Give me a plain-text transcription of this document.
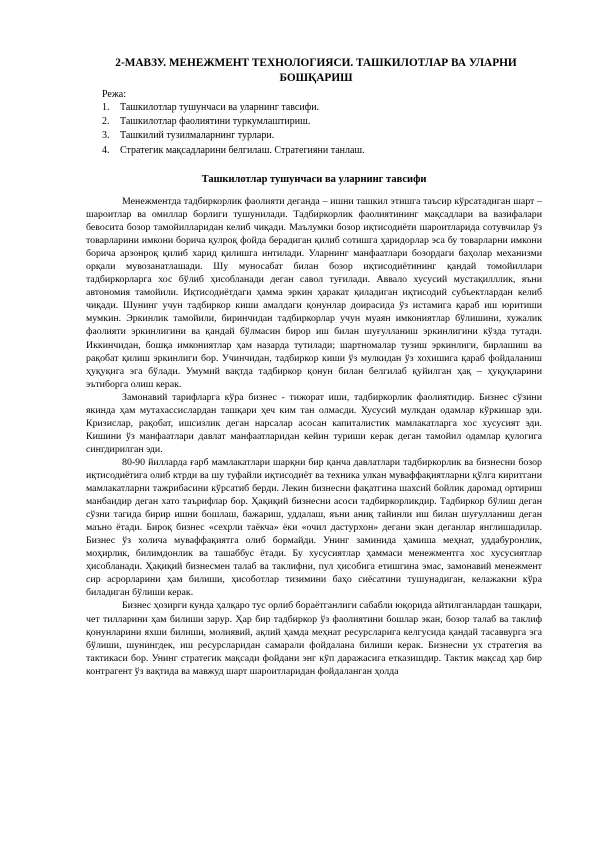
2-МАВЗУ. МЕНЕЖМЕНТ ТЕХНОЛОГИЯСИ. ТАШКИЛОТЛАР ВА УЛАРНИ БОШҚАРИШ
Режа:
1. Ташкилотлар тушунчаси ва уларнинг тавсифи.
2. Ташкилотлар фаолиятини туркумлаштириш.
3. Ташкилий тузилмаларнинг турлари.
4. Стратегик мақсадларини белгилаш. Стратегияни танлаш.
Ташкилотлар тушунчаси ва уларнинг тавсифи

Менежментда тадбиркорлик фаолияти деганда – ишни ташкил этишга таъсир кўрсатадиган шарт – шароитлар ва омиллар борлиги тушунилади. Тадбиркорлик фаолиятининг мақсадлари ва вазифалари бевосита бозор тамойилларидан келиб чиқади. Маълумки бозор иқтисодиёти шароитларида сотувчилар ўз товарларини имкони борича қулроқ фойда берадиган қилиб сотишга ҳаридорлар эса бу товарларни имкони борича арзонроқ қилиб харид қилишга интилади. Уларнинг манфаатлари бозордаги баҳолар механизми орқали мувозанатлашади. Шу муносабат билан бозор иқтисодиётининг қандай томойиллари тадбиркорларга хос бўлиб ҳисобланади деган савол туғилади. Аввало хусусий мустақилллик, яъни автономия тамойили. Иқтисодиётдаги ҳамма эркин ҳаракат қиладиган иқтисодий субъектлардан келиб чиқади. Шунинг учун тадбиркор киши амалдаги қонунлар доирасида ўз истамига қараб иш юритиши мумкин. Эркинлик тамойили, биринчидан тадбиркорлар учун муаян имкониятлар бўлишини, хужалик фаолияти эркинлигини ва қандай бўлмасин бирор иш билан шуғулланиш эркинлигини кўзда тутади. Иккинчидан, бошқа имкониятлар ҳам назарда тутилади; шартномалар тузиш эркинлиги, бирлашиш ва рақобат қилиш эркинлиги бор. Учинчидан, тадбиркор киши ўз мулкидан ўз хохишига қараб фойдаланиш ҳуқуқига эга бўлади. Умумий вақтда тадбиркор қонун билан белгилаб қуйилган ҳақ – ҳуқуқларини эътиборга олиш керак.

Замонавий тарифларга кўра бизнес - тижорат иши, тадбиркорлик фаолиятидир. Бизнес сўзини якинда ҳам мутахассислардан ташқари ҳеч ким тан олмасди. Хусусий мулкдан одамлар кўркишар эди. Кризислар, рақобат, ишсизлик деган нарсалар асосан капиталистик мамлакатларга хос хусусият эди. Кишини ўз манфаатлари давлат манфаатларидан кейин туриши керак деган тамойил одамлар қулогига сингдирилган эди.

80-90 йилларда ғарб мамлакатлари шарқни бир қанча давлатлари тадбиркорлик ва бизнесни бозор иқтисодиётига олиб ктрди ва шу туфайли иқтисодиёт ва техника улкан муваффақиятларни қўлга киритгани мамлакатларни тажрибасини кўрсатиб берди. Лекин бизнесни фақатгина шахсий бойлик даромад ортириш манбаидир деган хато таърифлар бор. Ҳақиқий бизнесни асоси тадбиркорликдир. Тадбиркор бўлиш деган сўзни тагида бирир ишни бошлаш, бажариш, уддалаш, яъни аниқ тайинли иш билан шуғулланиш деган маъно ётади. Бироқ бизнес «сехрли таёкча» ёки «очил дастурхон» дегани экан деганлар янглишадилар. Бизнес ўз холича муваффақиятга олиб бормайди. Унинг заминида ҳамиша меҳнат, уддабуронлик, моҳирлик, билимдонлик ва ташаббус ётади. Бу хусусиятлар ҳаммаси менежментга хос хусусиятлар ҳисобланади. Ҳақиқий бизнесмен талаб ва таклифни, пул ҳисобига етишгина эмас, замонавий менежмент сир асрорларини ҳам билиши, ҳисоботлар тизимини баҳо сиёсатини тушунадиган, келажакни кўра биладиган бўлиши керак.

Бизнес ҳозирги кунда ҳалқаро тус орлиб бораётганлиги сабабли юқорида айтилганлардан ташқари, чет тилларини ҳам билиши зарур. Ҳар бир тадбиркор ўз фаолиятини бошлар экан, бозор талаб ва таклиф қонунларини яхши билиши, молиявий, ақлий ҳамда меҳнат ресурсларига келгусида қандай тасаввурга эга бўлиши, шунингдек, иш ресурсларидан самарали фойдалана билиши керак. Бизнесни ух стратегия ва тактикаси бор. Унинг стратегик мақсади фойдани энг кўп даражасига етказишдир. Тактик мақсад ҳар бир контрагент ўз вақтида ва мавжуд шарт шароитларидан фойдаланган ҳолда
